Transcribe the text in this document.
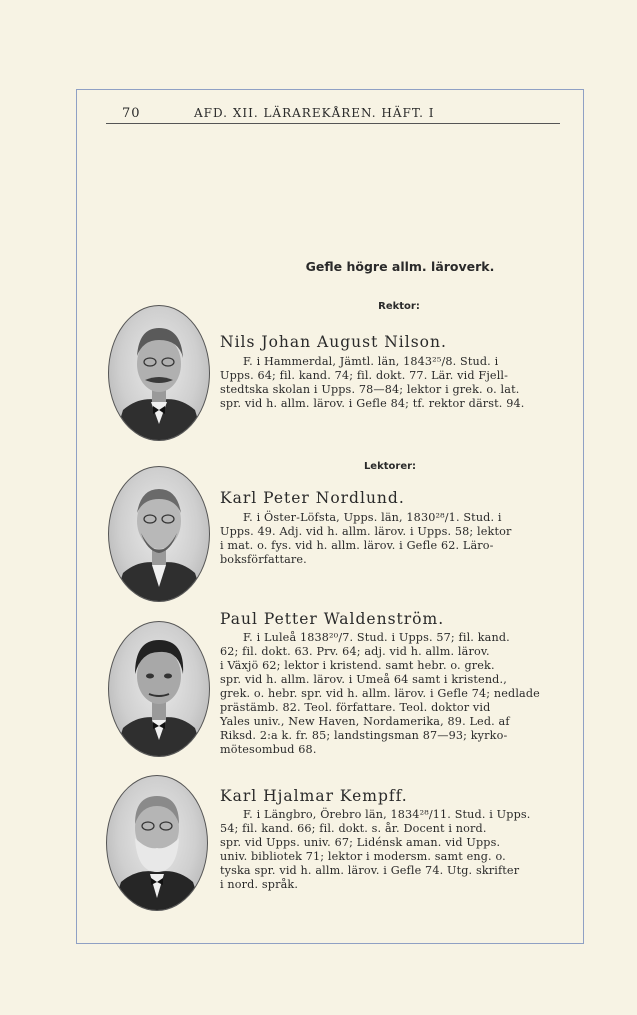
70	AFD. XII. LÄRAREKÅREN. HÄFT. I
Gefle högre allm. läroverk.
Rektor:
Lektorer:
Nils Johan August Nilson.
F. i Hammerdal, Jämtl. län, 1843²⁵/8. Stud. i
Upps. 64; fil. kand. 74; fil. dokt. 77. Lär. vid Fjell-
stedtska skolan i Upps. 78—84; lektor i grek. o. lat.
spr. vid h. allm. lärov. i Gefle 84; tf. rektor därst. 94.
Karl Peter Nordlund.
F. i Öster-Löfsta, Upps. län, 1830²⁸/1. Stud. i
Upps. 49. Adj. vid h. allm. lärov. i Upps. 58; lektor
i mat. o. fys. vid h. allm. lärov. i Gefle 62. Läro-
boksförfattare.
Paul Petter Waldenström.
F. i Luleå 1838²⁰/7. Stud. i Upps. 57; fil. kand.
62; fil. dokt. 63. Prv. 64; adj. vid h. allm. lärov.
i Växjö 62; lektor i kristend. samt hebr. o. grek.
spr. vid h. allm. lärov. i Umeå 64 samt i kristend.,
grek. o. hebr. spr. vid h. allm. lärov. i Gefle 74; nedlade
prästämb. 82. Teol. författare. Teol. doktor vid
Yales univ., New Haven, Nordamerika, 89. Led. af
Riksd. 2:a k. fr. 85; landstingsman 87—93; kyrko-
mötesombud 68.
Karl Hjalmar Kempff.
F. i Längbro, Örebro län, 1834²⁸/11. Stud. i Upps.
54; fil. kand. 66; fil. dokt. s. år. Docent i nord.
spr. vid Upps. univ. 67; Lidénsk aman. vid Upps.
univ. bibliotek 71; lektor i modersm. samt eng. o.
tyska spr. vid h. allm. lärov. i Gefle 74. Utg. skrifter
i nord. språk.
